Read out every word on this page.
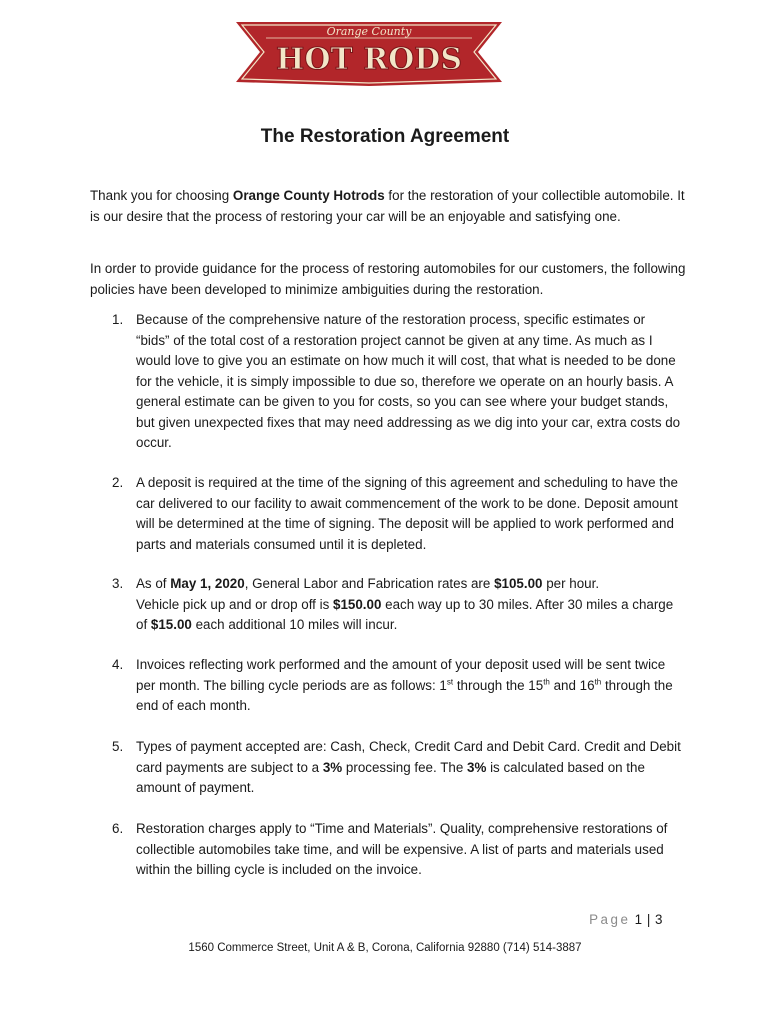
Orange County
HOT RODS
The Restoration Agreement
Thank you for choosing Orange County Hotrods for the restoration of your collectible automobile. It is our desire that the process of restoring your car will be an enjoyable and satisfying one.
In order to provide guidance for the process of restoring automobiles for our customers, the following policies have been developed to minimize ambiguities during the restoration.
1. Because of the comprehensive nature of the restoration process, specific estimates or “bids” of the total cost of a restoration project cannot be given at any time. As much as I would love to give you an estimate on how much it will cost, that what is needed to be done for the vehicle, it is simply impossible to due so, therefore we operate on an hourly basis. A general estimate can be given to you for costs, so you can see where your budget stands, but given unexpected fixes that may need addressing as we dig into your car, extra costs do occur.
2. A deposit is required at the time of the signing of this agreement and scheduling to have the car delivered to our facility to await commencement of the work to be done. Deposit amount will be determined at the time of signing. The deposit will be applied to work performed and parts and materials consumed until it is depleted.
3. As of May 1, 2020, General Labor and Fabrication rates are $105.00 per hour.
Vehicle pick up and or drop off is $150.00 each way up to 30 miles. After 30 miles a charge of $15.00 each additional 10 miles will incur.
4. Invoices reflecting work performed and the amount of your deposit used will be sent twice per month. The billing cycle periods are as follows: 1st through the 15th and 16th through the end of each month.
5. Types of payment accepted are: Cash, Check, Credit Card and Debit Card. Credit and Debit card payments are subject to a 3% processing fee. The 3% is calculated based on the amount of payment.
6. Restoration charges apply to “Time and Materials”. Quality, comprehensive restorations of collectible automobiles take time, and will be expensive. A list of parts and materials used within the billing cycle is included on the invoice.
Page 1 | 3
1560 Commerce Street, Unit A & B, Corona, California 92880 (714) 514-3887
